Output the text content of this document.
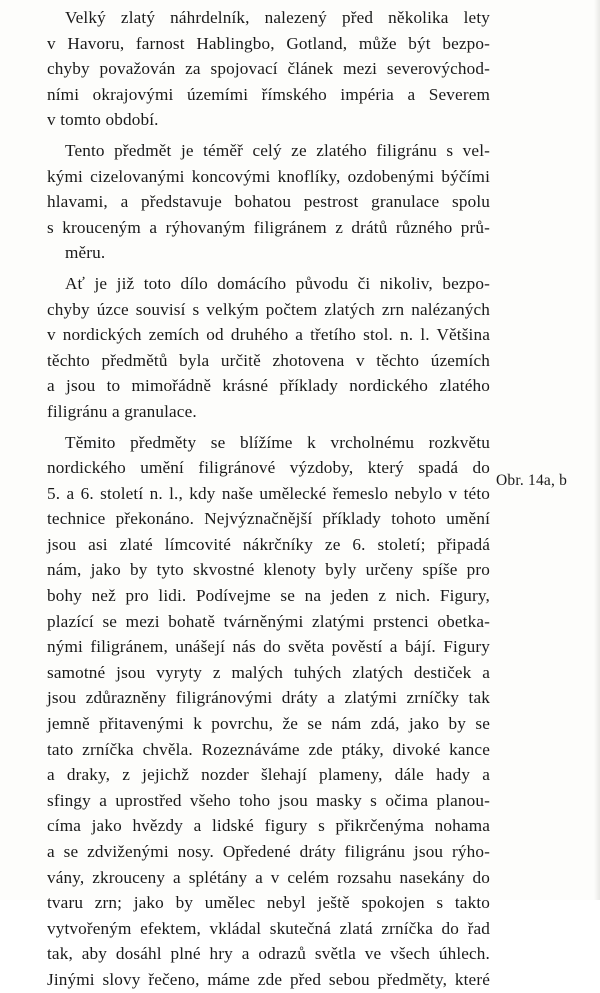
Velký zlatý náhrdelník, nalezený před několika lety
v Havoru, farnost Hablingbo, Gotland, může být bezpo-
chyby považován za spojovací článek mezi severovýchod-
ními okrajovými územími římského impéria a Severem
v tomto období.

Tento předmět je téměř celý ze zlatého filigránu s vel-
kými cizelovanými koncovými knoflíky, ozdobenými býčími
hlavami, a představuje bohatou pestrost granulace spolu
s krouceným a rýhovaným filigránem z drátů různého prů-
měru.

Ať je již toto dílo domácího původu či nikoliv, bezpo-
chyby úzce souvisí s velkým počtem zlatých zrn nalézaných
v nordických zemích od druhého a třetího stol. n. l. Většina
těchto předmětů byla určitě zhotovena v těchto územích
a jsou to mimořádně krásné příklady nordického zlatého
filigránu a granulace.

Těmito předměty se blížíme k vrcholnému rozkvětu
nordického umění filigránové výzdoby, který spadá do
5. a 6. století n. l., kdy naše umělecké řemeslo nebylo v této
technice překonáno. Nejvýznačnější příklady tohoto umění
jsou asi zlaté límcovité nákrčníky ze 6. století; připadá
nám, jako by tyto skvostné klenoty byly určeny spíše pro
bohy než pro lidi. Podívejme se na jeden z nich. Figury,
plazící se mezi bohatě tvárněnými zlatými prstenci obetka-
nými filigránem, unášejí nás do světa pověstí a bájí. Figury
samotné jsou vyryty z malých tuhých zlatých destiček a
jsou zdůrazněny filigránovými dráty a zlatými zrníčky tak
jemně přitavenými k povrchu, že se nám zdá, jako by se
tato zrníčka chvěla. Rozeznáváme zde ptáky, divoké kance
a draky, z jejichž nozder šlehají plameny, dále hady a
sfingy a uprostřed všeho toho jsou masky s očima planou-
címa jako hvězdy a lidské figury s přikrčenýma nohama
a se zdviženými nosy. Opředené dráty filigránu jsou rýho-
vány, zkrouceny a splétány a v celém rozsahu nasekány do
tvaru zrn; jako by umělec nebyl ještě spokojen s takto
vytvořeným efektem, vkládal skutečná zlatá zrníčka do řad
tak, aby dosáhl plné hry a odrazů světla ve všech úhlech.
Jinými slovy řečeno, máme zde před sebou předměty, které

Obr. 14a, b
